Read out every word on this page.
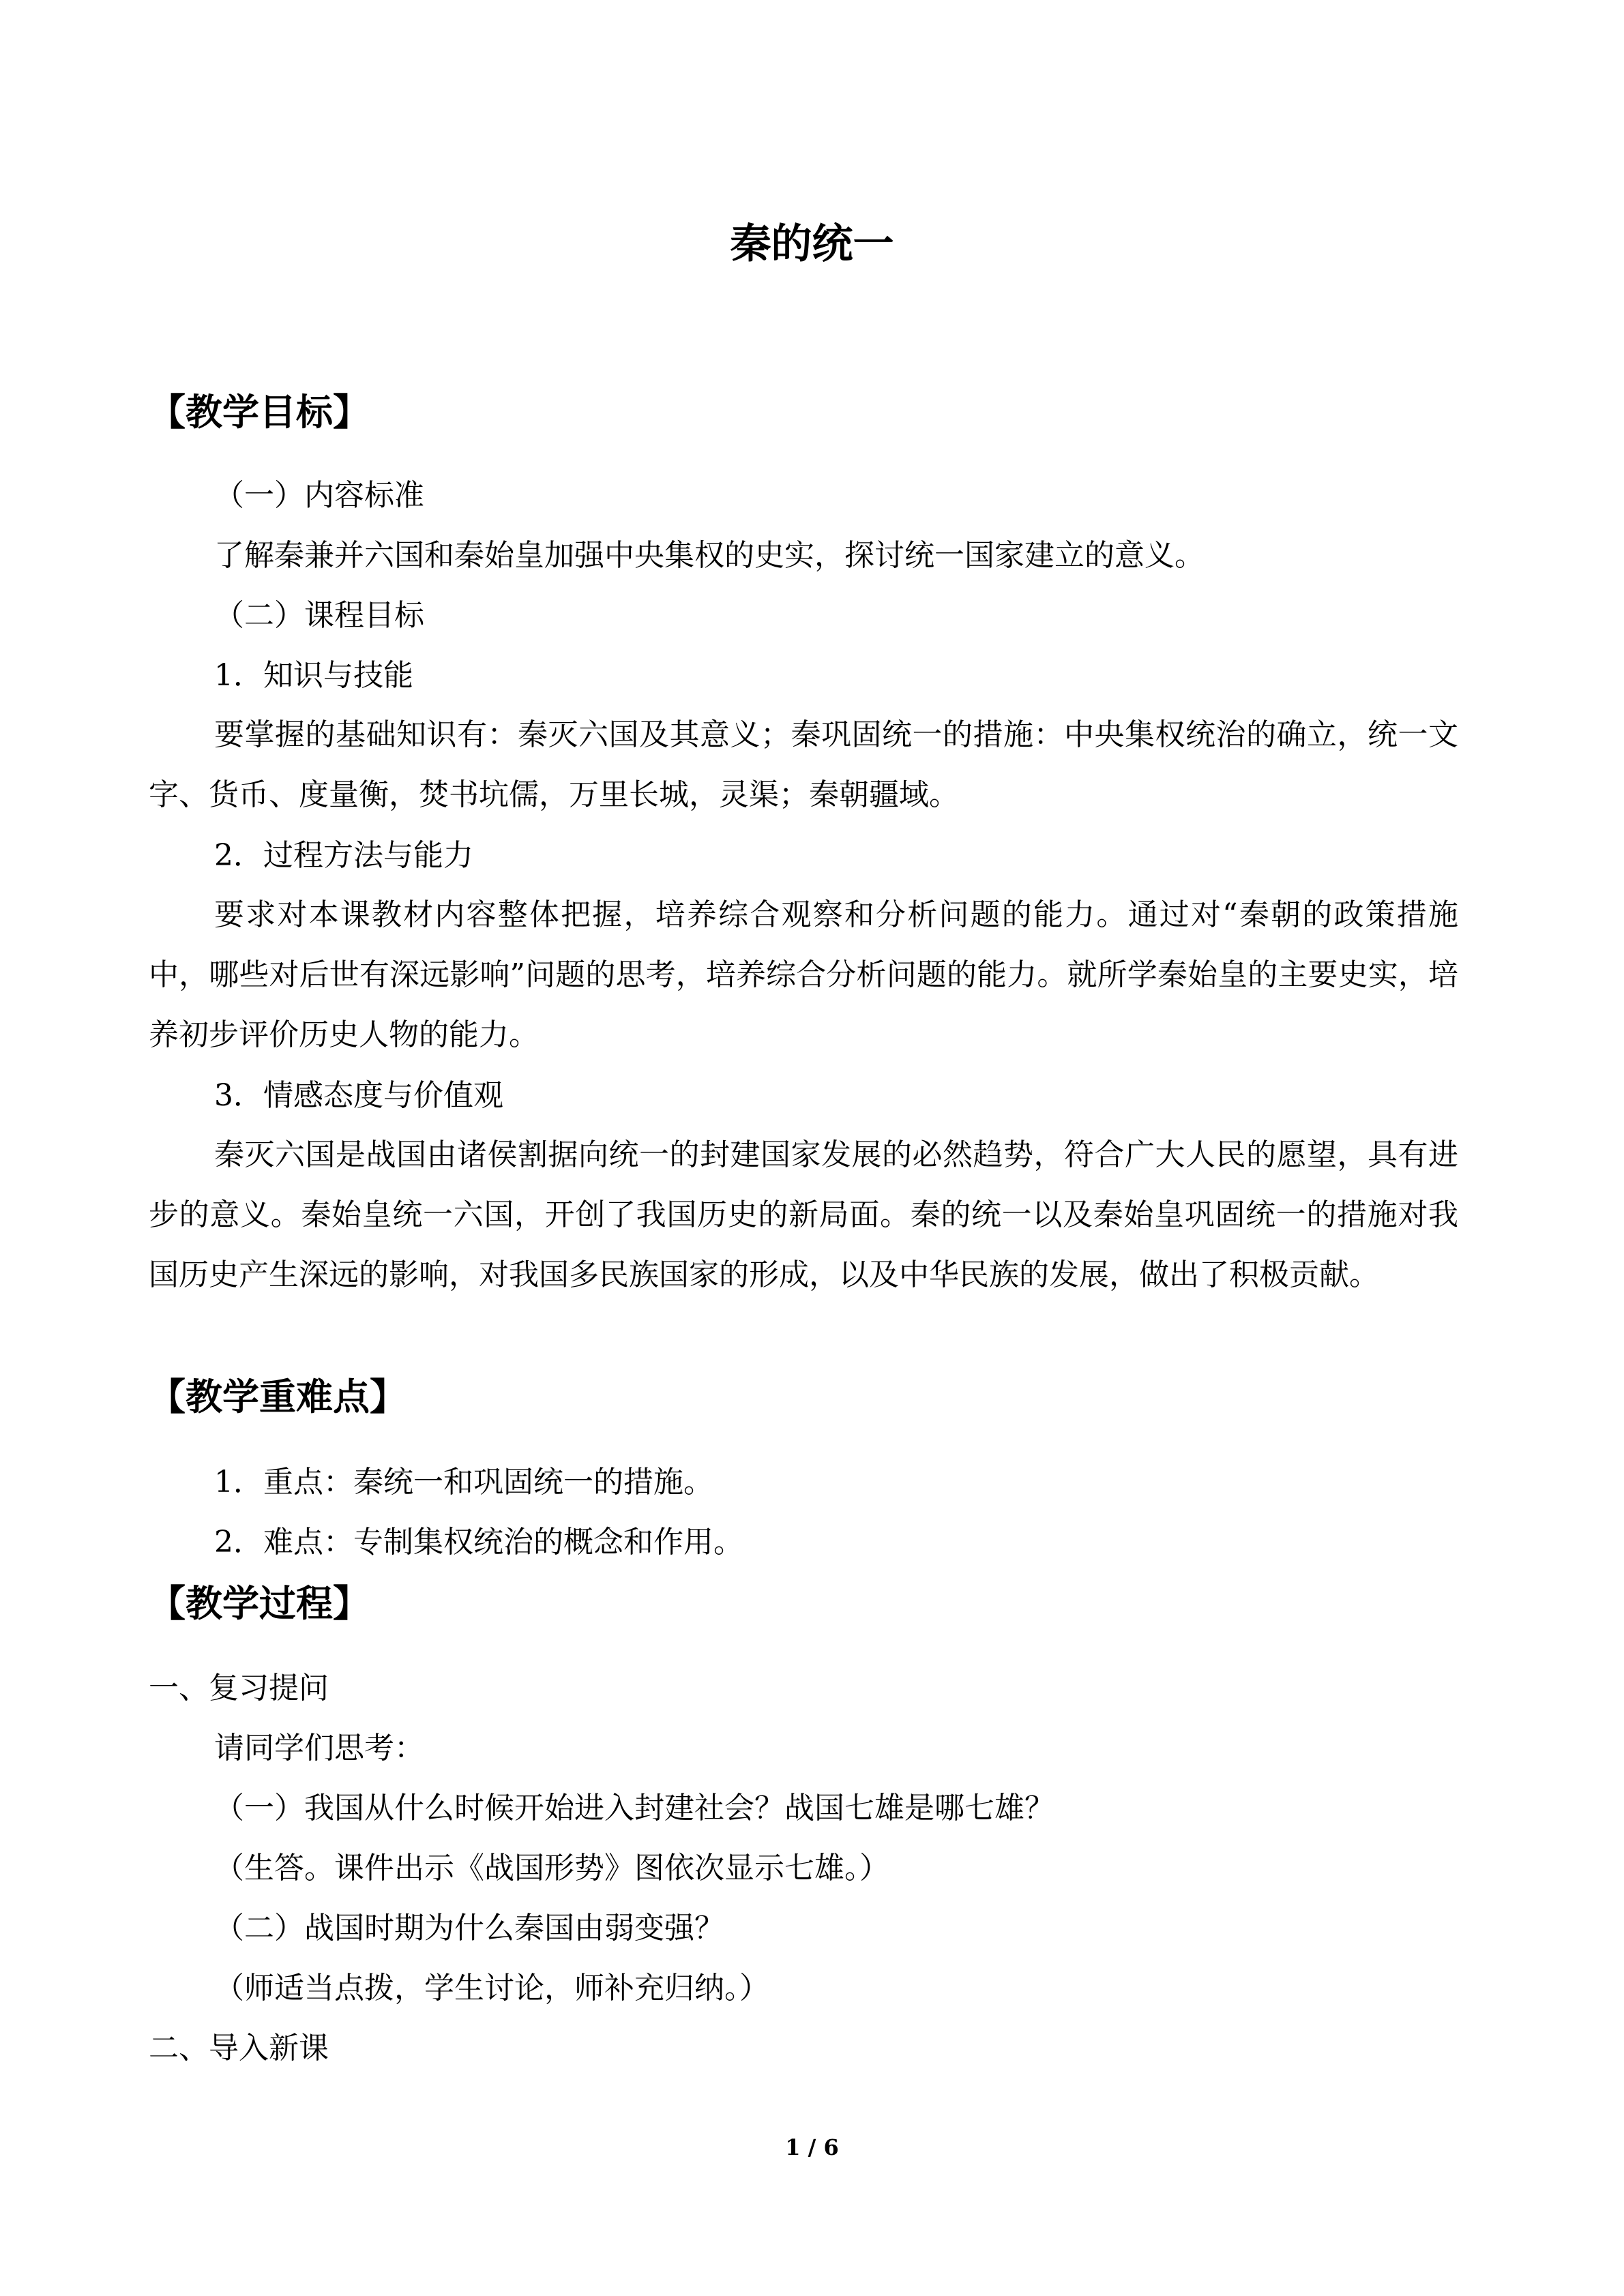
秦的统一
【教学目标】
（一）内容标准
了解秦兼并六国和秦始皇加强中央集权的史实，探讨统一国家建立的意义。
（二）课程目标
1．知识与技能
要掌握的基础知识有：秦灭六国及其意义；秦巩固统一的措施：中央集权统治的确立，统一文字、货币、度量衡，焚书坑儒，万里长城，灵渠；秦朝疆域。
2．过程方法与能力
要求对本课教材内容整体把握，培养综合观察和分析问题的能力。通过对“秦朝的政策措施中，哪些对后世有深远影响”问题的思考，培养综合分析问题的能力。就所学秦始皇的主要史实，培养初步评价历史人物的能力。
3．情感态度与价值观
秦灭六国是战国由诸侯割据向统一的封建国家发展的必然趋势，符合广大人民的愿望，具有进步的意义。秦始皇统一六国，开创了我国历史的新局面。秦的统一以及秦始皇巩固统一的措施对我国历史产生深远的影响，对我国多民族国家的形成，以及中华民族的发展，做出了积极贡献。
【教学重难点】
1．重点：秦统一和巩固统一的措施。
2．难点：专制集权统治的概念和作用。
【教学过程】
一、复习提问
请同学们思考：
（一）我国从什么时候开始进入封建社会？战国七雄是哪七雄？
（生答。课件出示《战国形势》图依次显示七雄。）
（二）战国时期为什么秦国由弱变强？
（师适当点拨，学生讨论，师补充归纳。）
二、导入新课
1 / 6
